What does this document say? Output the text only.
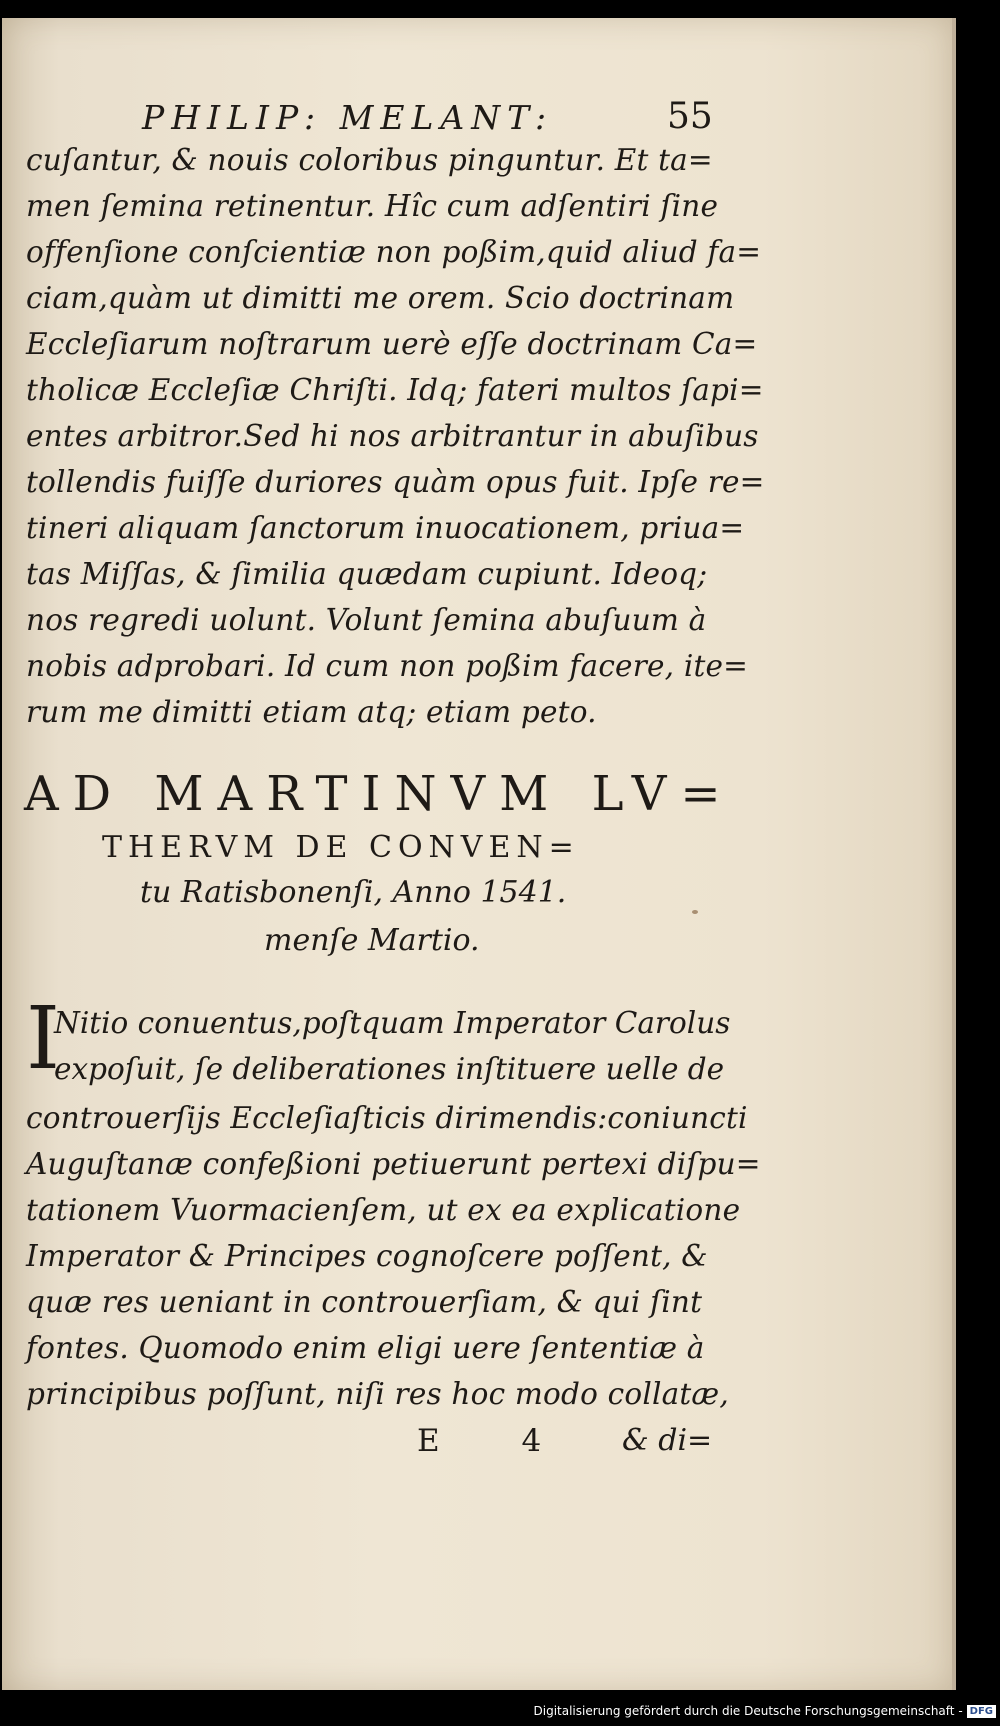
PHILIP: MELANT:	55
cuſantur, & nouis coloribus pinguntur. Et ta=
men ſemina retinentur. Hîc cum adſentiri ſine
offenſione conſcientiæ non poßim,quid aliud fa=
ciam,quàm ut dimitti me orem. Scio doctrinam
Eccleſiarum noſtrarum uerè eſſe doctrinam Ca=
tholicæ Eccleſiæ Chriſti. Idq; fateri multos ſapi=
entes arbitror.Sed hi nos arbitrantur in abuſibus
tollendis fuiſſe duriores quàm opus fuit. Ipſe re=
tineri aliquam ſanctorum inuocationem, priua=
tas Miſſas, & ſimilia quædam cupiunt. Ideoq;
nos regredi uolunt. Volunt ſemina abuſuum à
nobis adprobari. Id cum non poßim facere, ite=
rum me dimitti etiam atq; etiam peto.
AD MARTINVM LV=
THERVM DE CONVEN=
tu Ratisbonenſi, Anno 1541.
menſe Martio.
I
Nitio conuentus,poſtquam Imperator Carolus
expoſuit, ſe deliberationes inſtituere uelle de
controuerſijs Eccleſiaſticis dirimendis:coniuncti
Auguſtanæ confeßioni petiuerunt pertexi diſpu=
tationem Vuormacienſem, ut ex ea explicatione
Imperator & Principes cognoſcere poſſent, &
quæ res ueniant in controuerſiam, & qui ſint
fontes. Quomodo enim eligi uere ſententiæ à
principibus poſſunt, niſi res hoc modo collatæ,
E 4 & di=
Digitalisierung gefördert durch die Deutsche Forschungsgemeinschaft - DFG
